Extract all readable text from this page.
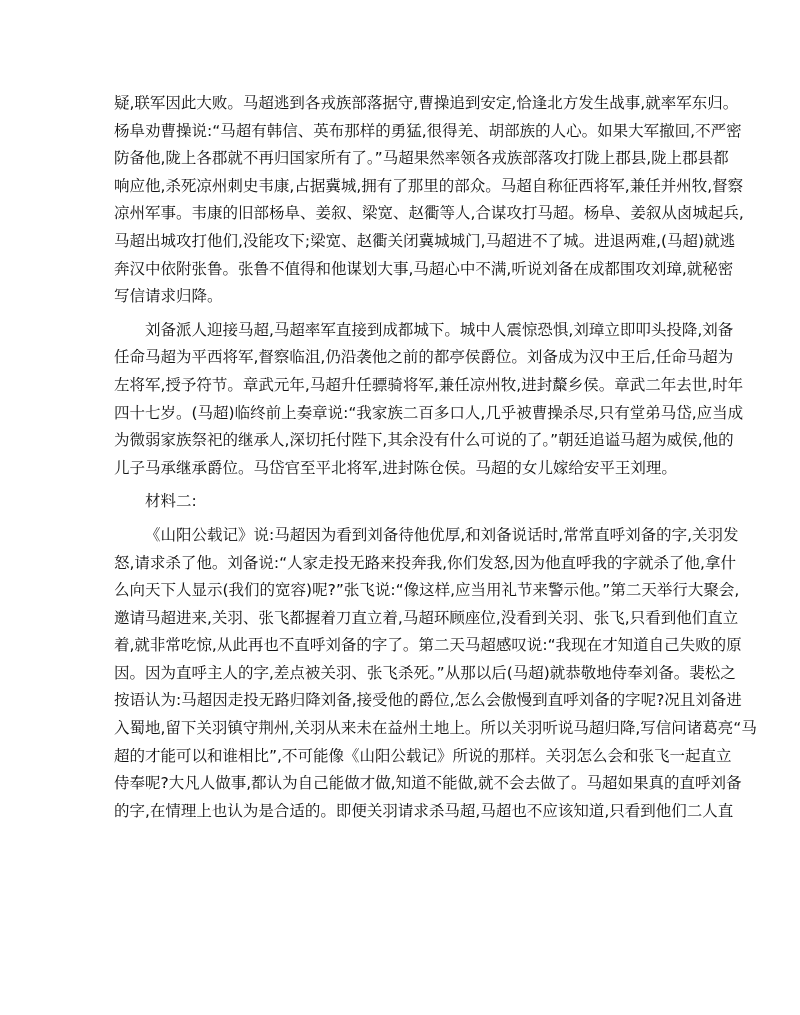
疑,联军因此大败。马超逃到各戎族部落据守,曹操追到安定,恰逢北方发生战事,就率军东归。
杨阜劝曹操说:“马超有韩信、英布那样的勇猛,很得羌、胡部族的人心。如果大军撤回,不严密
防备他,陇上各郡就不再归国家所有了。”马超果然率领各戎族部落攻打陇上郡县,陇上郡县都
响应他,杀死凉州刺史韦康,占据冀城,拥有了那里的部众。马超自称征西将军,兼任并州牧,督察
凉州军事。韦康的旧部杨阜、姜叙、梁宽、赵衢等人,合谋攻打马超。杨阜、姜叙从卤城起兵,
马超出城攻打他们,没能攻下;梁宽、赵衢关闭冀城城门,马超进不了城。进退两难,(马超)就逃
奔汉中依附张鲁。张鲁不值得和他谋划大事,马超心中不满,听说刘备在成都围攻刘璋,就秘密
写信请求归降。
刘备派人迎接马超,马超率军直接到成都城下。城中人震惊恐惧,刘璋立即叩头投降,刘备
任命马超为平西将军,督察临沮,仍沿袭他之前的都亭侯爵位。刘备成为汉中王后,任命马超为
左将军,授予符节。章武元年,马超升任骠骑将军,兼任凉州牧,进封斄乡侯。章武二年去世,时年
四十七岁。(马超)临终前上奏章说:“我家族二百多口人,几乎被曹操杀尽,只有堂弟马岱,应当成
为微弱家族祭祀的继承人,深切托付陛下,其余没有什么可说的了。”朝廷追谥马超为威侯,他的
儿子马承继承爵位。马岱官至平北将军,进封陈仓侯。马超的女儿嫁给安平王刘理。
材料二:
《山阳公载记》说:马超因为看到刘备待他优厚,和刘备说话时,常常直呼刘备的字,关羽发
怒,请求杀了他。刘备说:“人家走投无路来投奔我,你们发怒,因为他直呼我的字就杀了他,拿什
么向天下人显示(我们的宽容)呢?”张飞说:“像这样,应当用礼节来警示他。”第二天举行大聚会,
邀请马超进来,关羽、张飞都握着刀直立着,马超环顾座位,没看到关羽、张飞,只看到他们直立
着,就非常吃惊,从此再也不直呼刘备的字了。第二天马超感叹说:“我现在才知道自己失败的原
因。因为直呼主人的字,差点被关羽、张飞杀死。”从那以后(马超)就恭敬地侍奉刘备。裴松之
按语认为:马超因走投无路归降刘备,接受他的爵位,怎么会傲慢到直呼刘备的字呢?况且刘备进
入蜀地,留下关羽镇守荆州,关羽从来未在益州土地上。所以关羽听说马超归降,写信问诸葛亮“马
超的才能可以和谁相比”,不可能像《山阳公载记》所说的那样。关羽怎么会和张飞一起直立
侍奉呢?大凡人做事,都认为自己能做才做,知道不能做,就不会去做了。马超如果真的直呼刘备
的字,在情理上也认为是合适的。即便关羽请求杀马超,马超也不应该知道,只看到他们二人直
